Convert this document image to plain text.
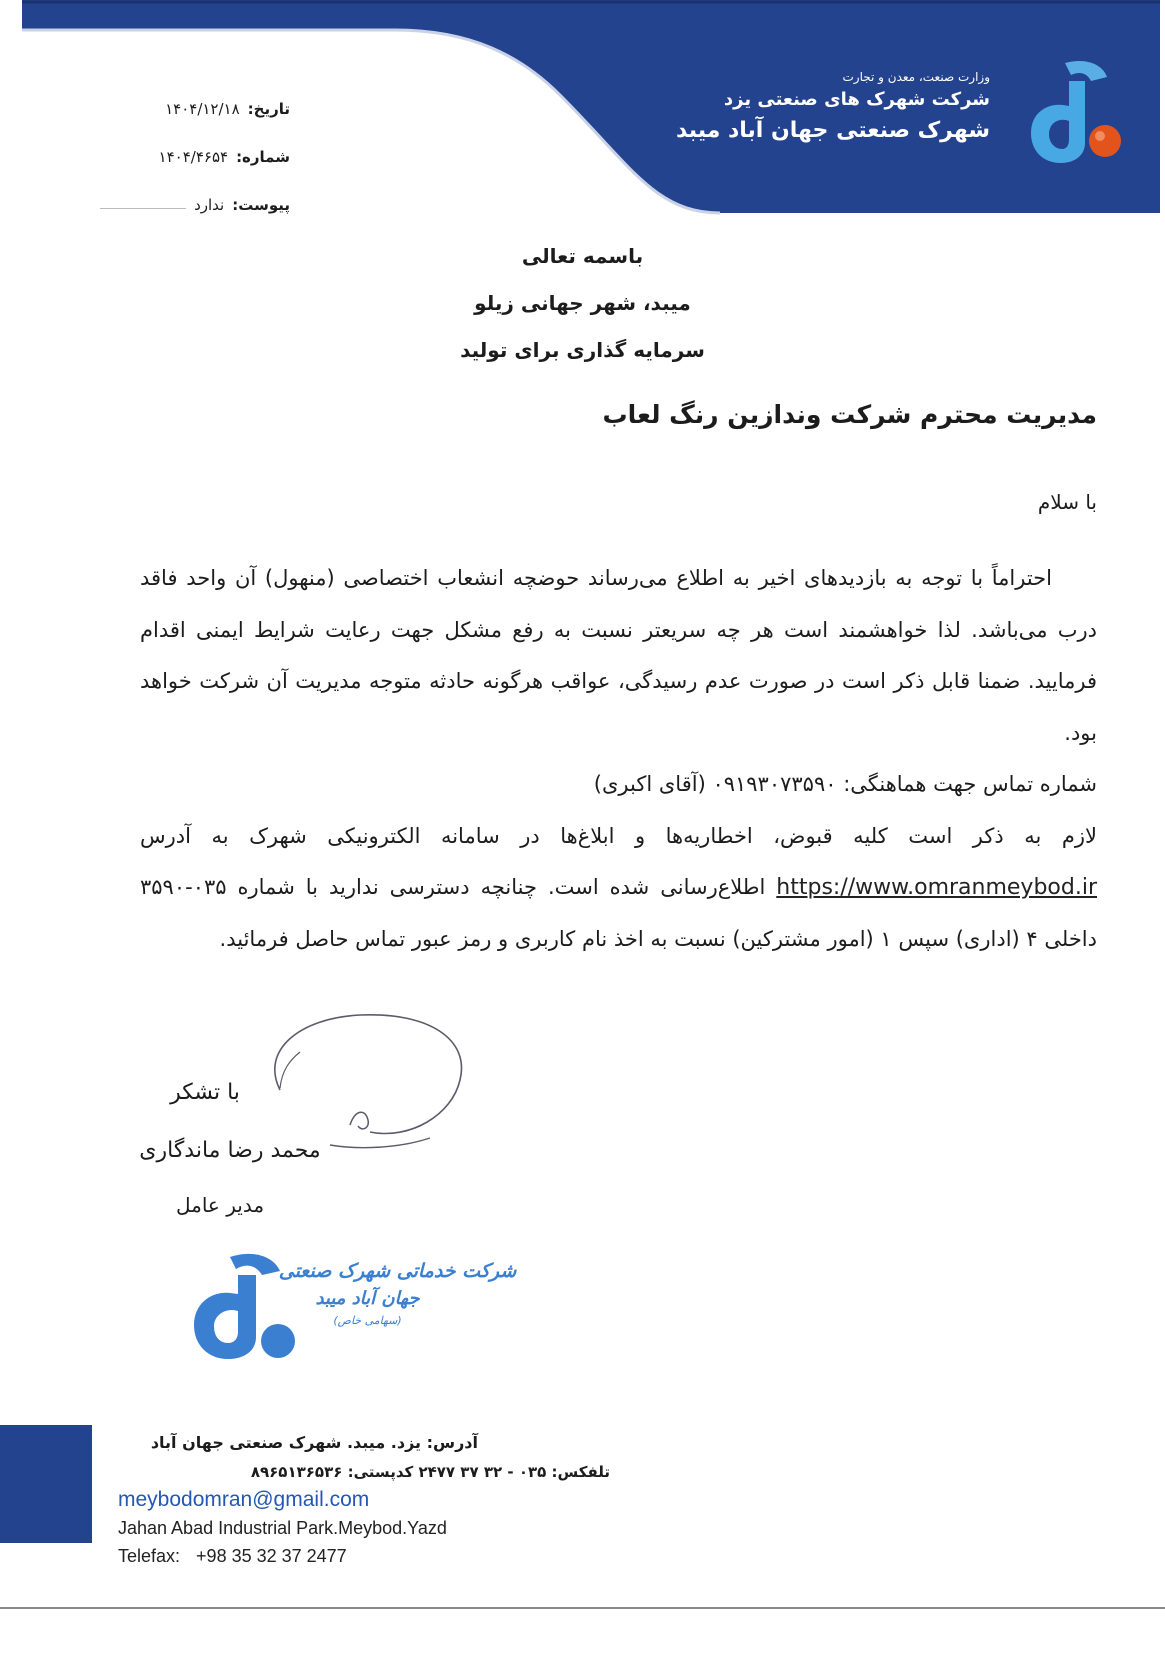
وزارت صنعت، معدن و تجارت
شرکت شهرک های صنعتی یزد
شهرک صنعتی جهان آباد میبد
تاریخ:
۱۴۰۴/۱۲/۱۸
شماره:
۱۴۰۴/۴۶۵۴
پیوست:
ندارد
باسمه تعالی
میبد، شهر جهانی زیلو
سرمایه گذاری برای تولید
مدیریت محترم شرکت وندازین رنگ لعاب
با سلام

احتراماً با توجه به بازدیدهای اخیر به اطلاع می‌رساند حوضچه انشعاب اختصاصی (منهول) آن واحد فاقد درب می‌باشد. لذا خواهشمند است هر چه سریعتر نسبت به رفع مشکل جهت رعایت شرایط ایمنی اقدام فرمایید. ضمنا قابل ذکر است در صورت عدم رسیدگی، عواقب هرگونه حادثه متوجه مدیریت آن شرکت خواهد بود.

شماره تماس جهت هماهنگی: ۰۹۱۹۳۰۷۳۵۹۰ (آقای اکبری)

لازم به ذکر است کلیه قبوض، اخطاریه‌ها و ابلاغ‌ها در سامانه الکترونیکی شهرک به آدرس https://www.omranmeybod.ir اطلاع‌رسانی شده است. چنانچه دسترسی ندارید با شماره ۰۳۵-۳۵۹۰ داخلی ۴ (اداری) سپس ۱ (امور مشترکین) نسبت به اخذ نام کاربری و رمز عبور تماس حاصل فرمائید.

با تشکر
محمد رضا ماندگاری
مدیر عامل
شرکت خدماتی شهرک صنعتی
جهان آباد میبد
(سهامی خاص)
آدرس: یزد. میبد. شهرک صنعتی جهان آباد
تلفکس: ۰۳۵ - ۳۲ ۳۷ ۲۴۷۷ کدپستی: ۸۹۶۵۱۳۶۵۳۶
meybodomran@gmail.com
Jahan Abad Industrial Park.Meybod.Yazd
Telefax: +98 35 32 37 2477
